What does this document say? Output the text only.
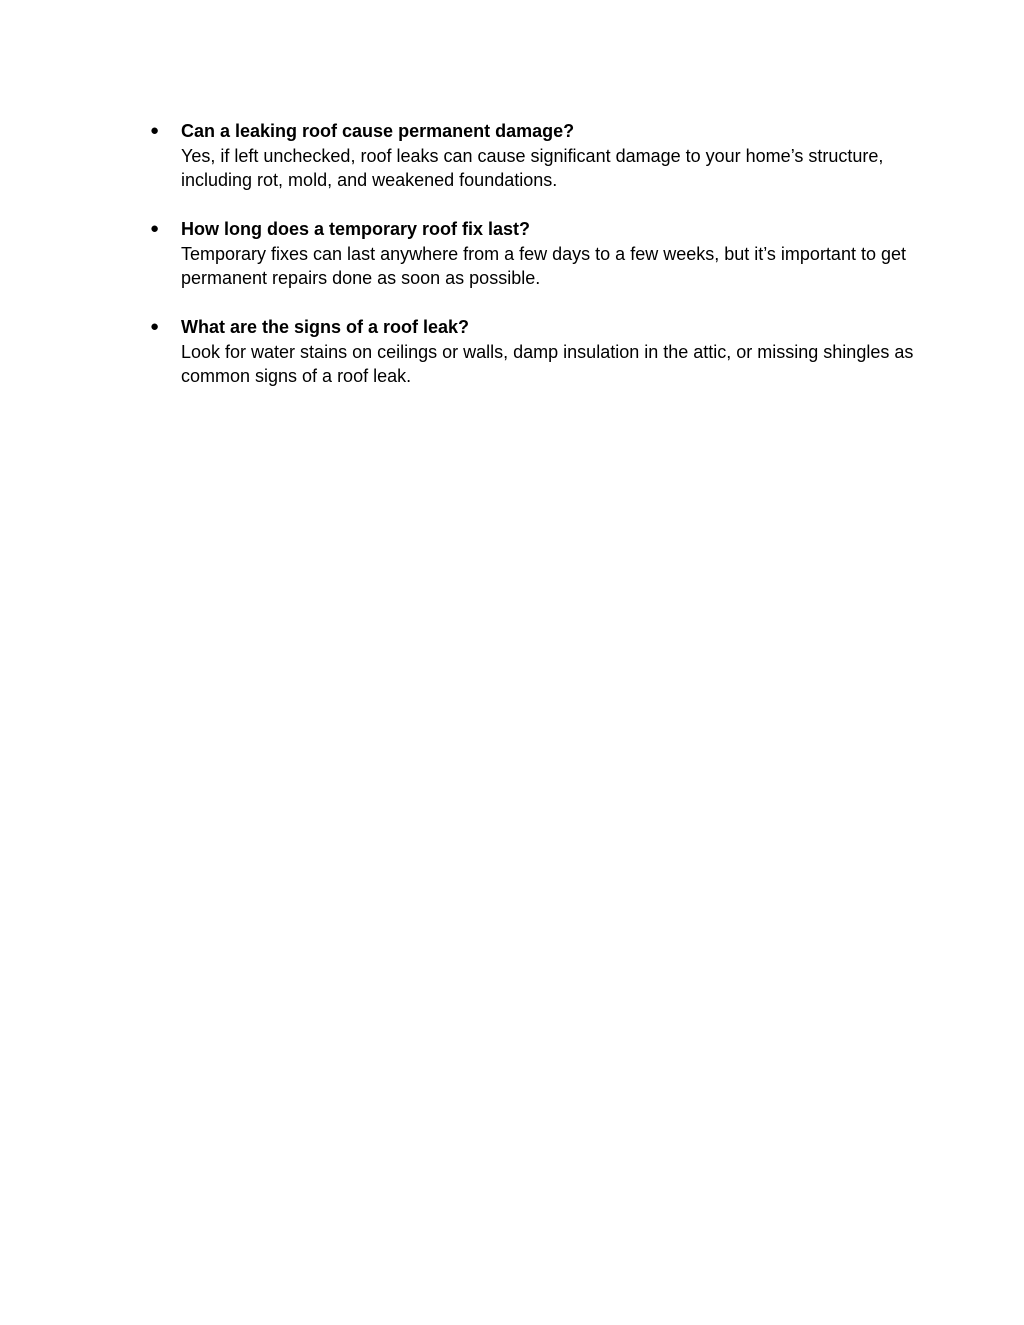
● Can a leaking roof cause permanent damage?
Yes, if left unchecked, roof leaks can cause significant damage to your home’s structure, including rot, mold, and weakened foundations.
● How long does a temporary roof fix last?
Temporary fixes can last anywhere from a few days to a few weeks, but it’s important to get permanent repairs done as soon as possible.
● What are the signs of a roof leak?
Look for water stains on ceilings or walls, damp insulation in the attic, or missing shingles as common signs of a roof leak.
